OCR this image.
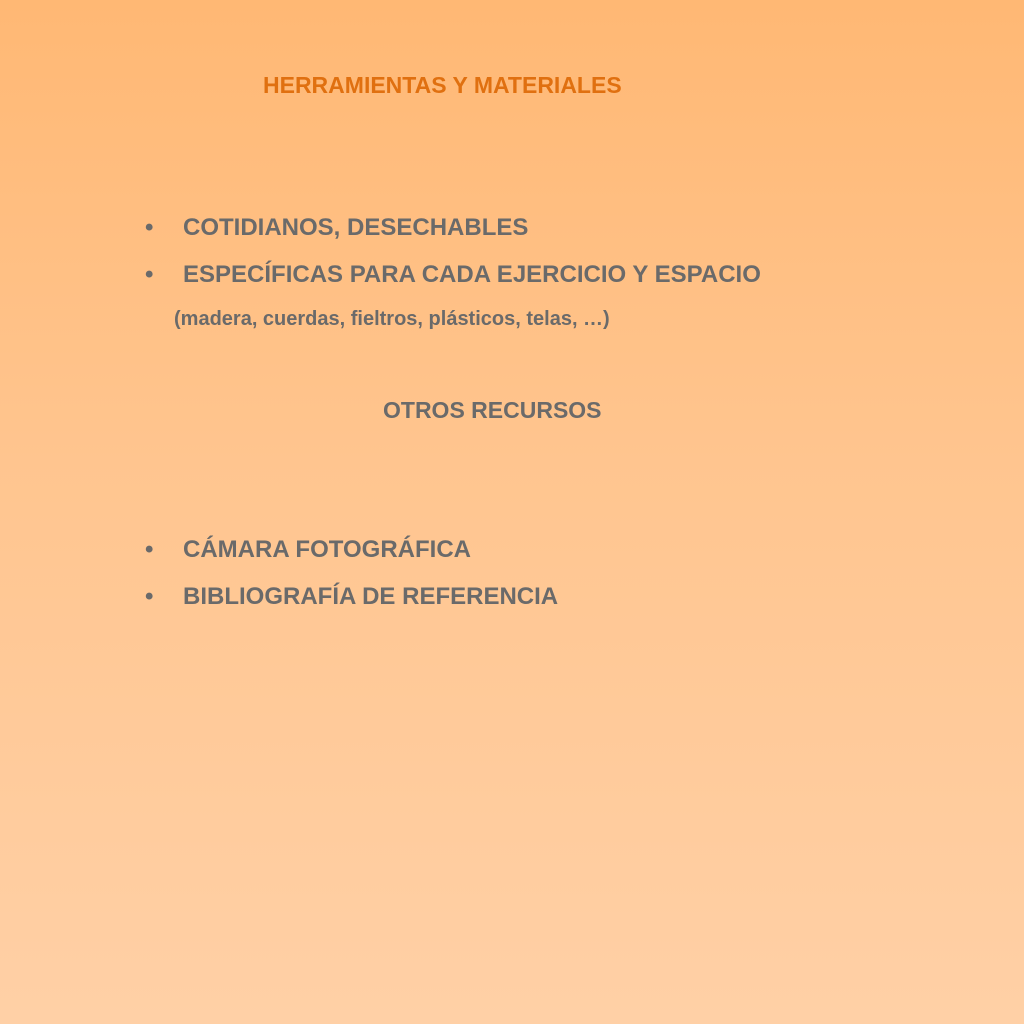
HERRAMIENTAS Y MATERIALES
• COTIDIANOS, DESECHABLES
• ESPECÍFICAS PARA CADA EJERCICIO Y ESPACIO
(madera, cuerdas, fieltros, plásticos, telas, …)
OTROS RECURSOS
• CÁMARA FOTOGRÁFICA
• BIBLIOGRAFÍA DE REFERENCIA
